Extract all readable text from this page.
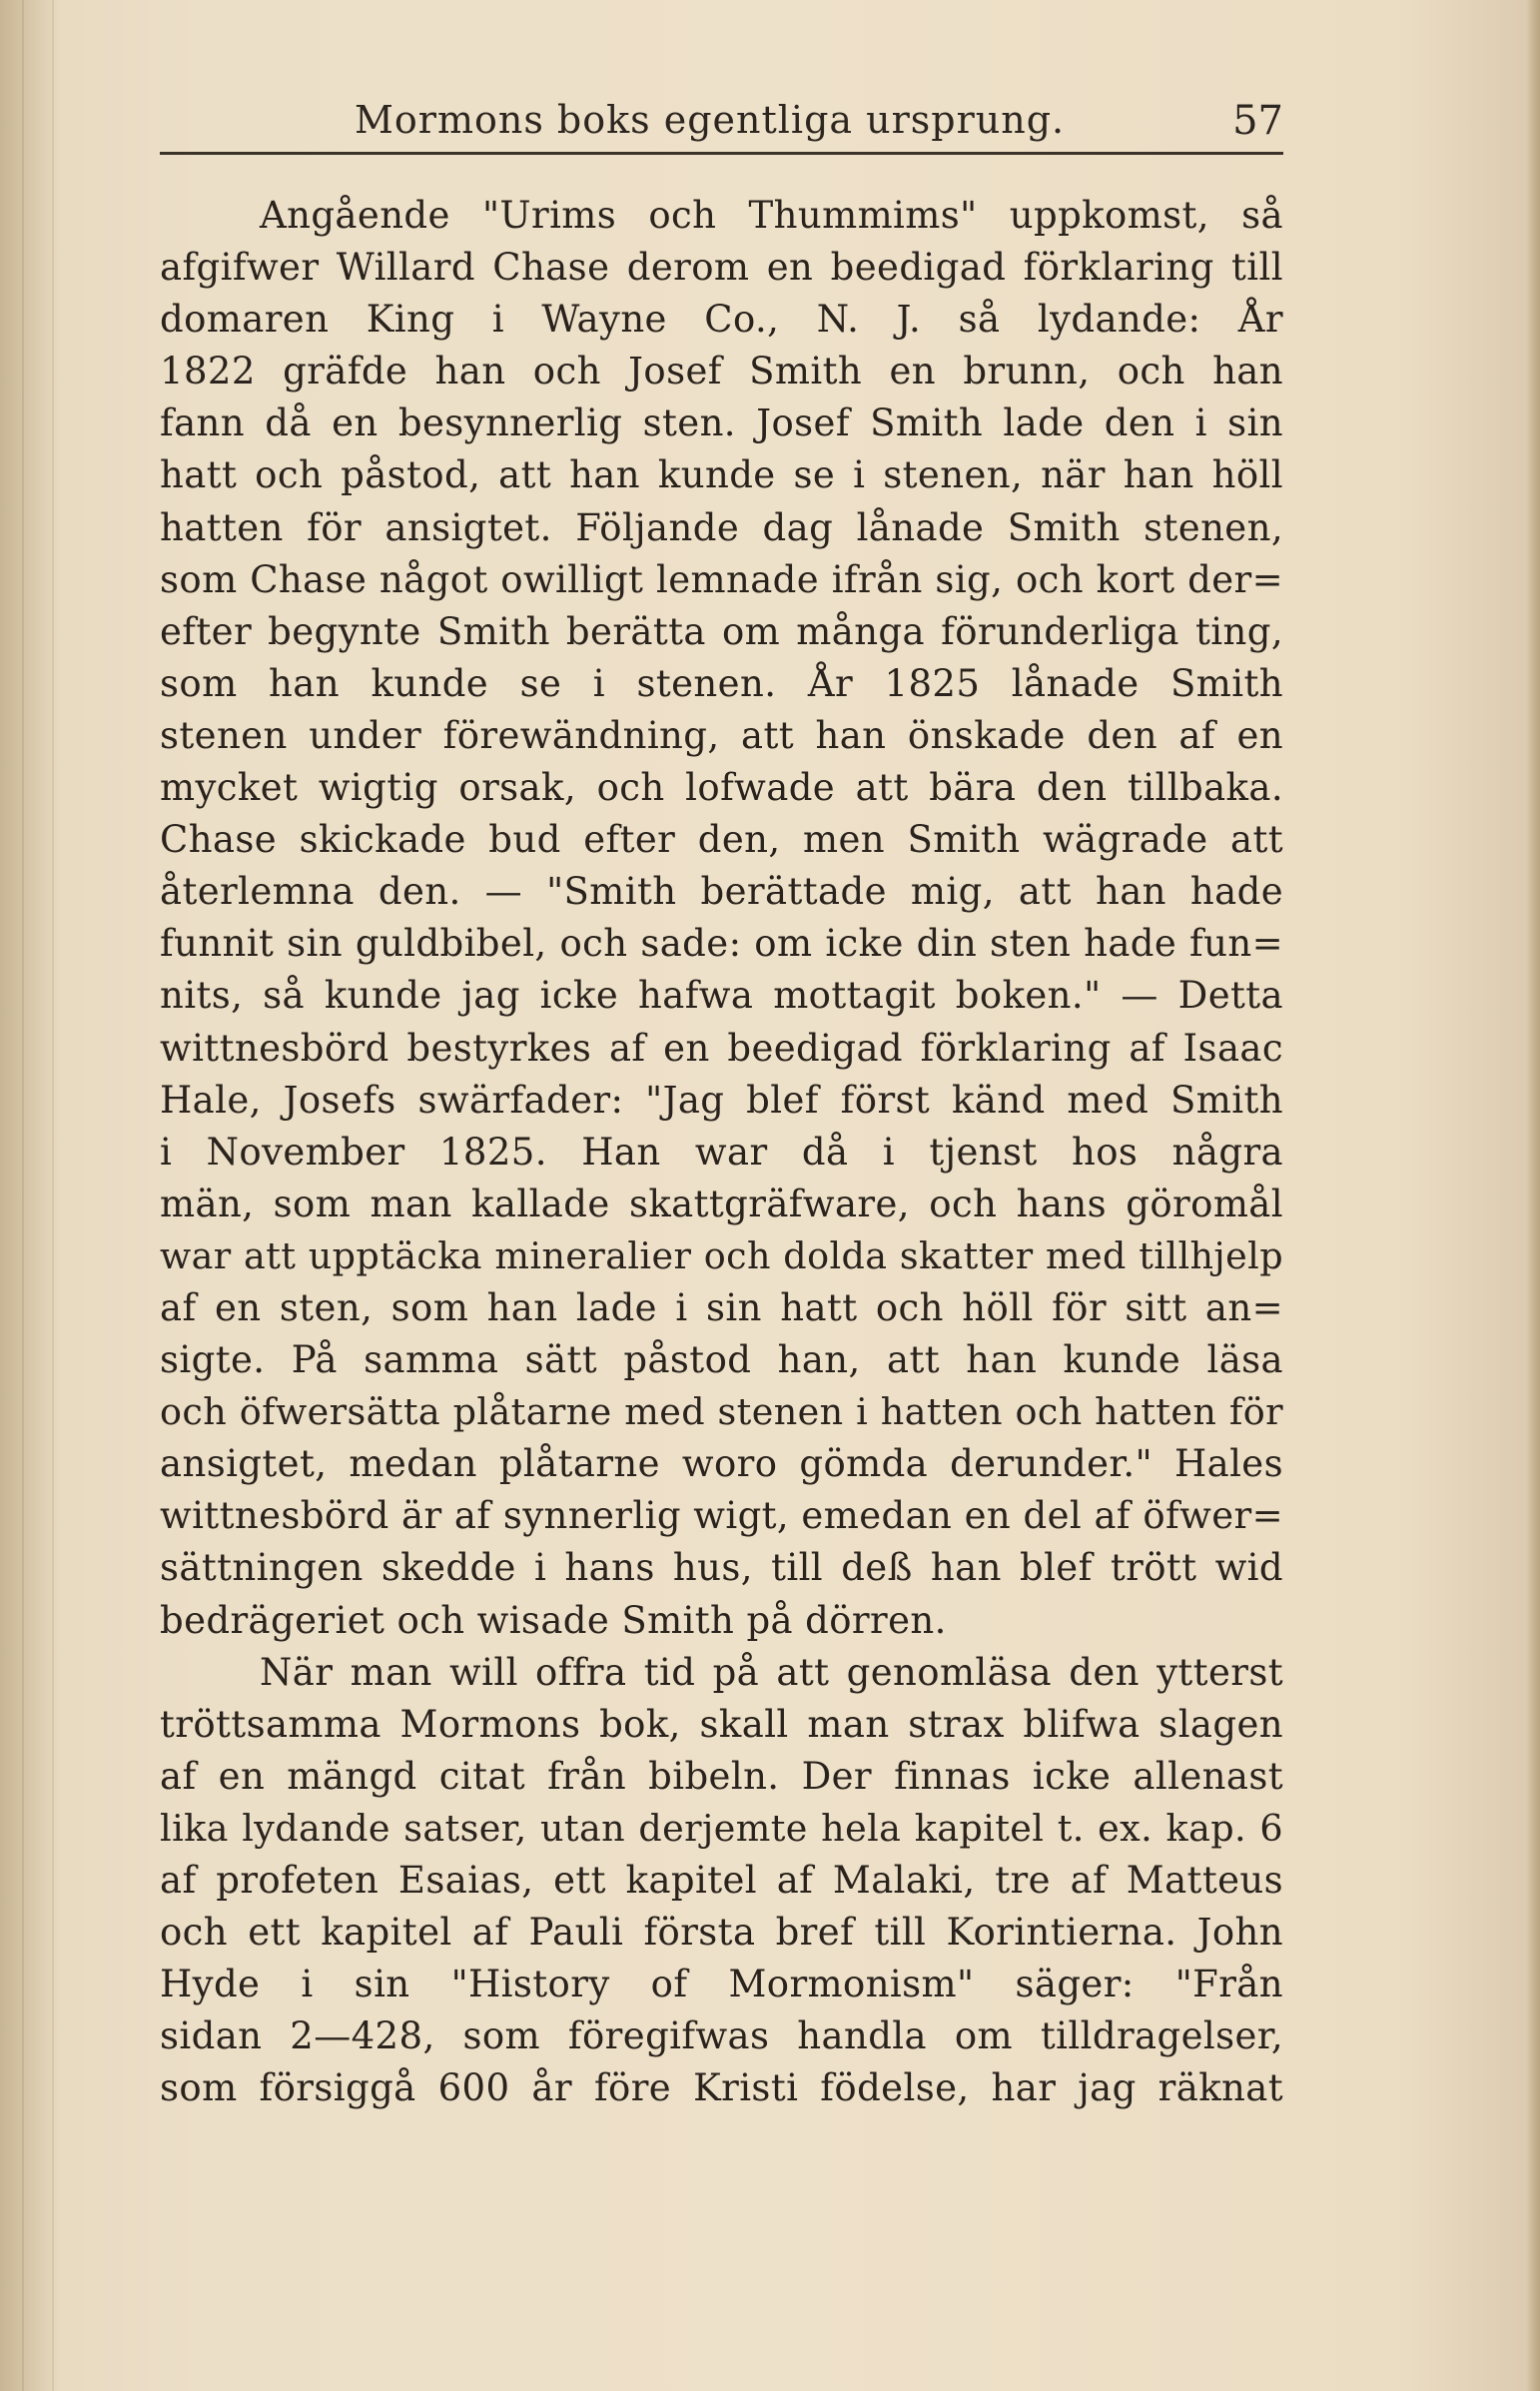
Mormons boks egentliga ursprung.	57
Angående "Urims och Thummims" uppkomst, så
afgifwer Willard Chase derom en beedigad förklaring till
domaren King i Wayne Co., N. J. så lydande: År
1822 gräfde han och Josef Smith en brunn, och han
fann då en besynnerlig sten. Josef Smith lade den i sin
hatt och påstod, att han kunde se i stenen, när han höll
hatten för ansigtet. Följande dag lånade Smith stenen,
som Chase något owilligt lemnade ifrån sig, och kort der=
efter begynte Smith berätta om många förunderliga ting,
som han kunde se i stenen. År 1825 lånade Smith
stenen under förewändning, att han önskade den af en
mycket wigtig orsak, och lofwade att bära den tillbaka.
Chase skickade bud efter den, men Smith wägrade att
återlemna den. — "Smith berättade mig, att han hade
funnit sin guldbibel, och sade: om icke din sten hade fun=
nits, så kunde jag icke hafwa mottagit boken." — Detta
wittnesbörd bestyrkes af en beedigad förklaring af Isaac
Hale, Josefs swärfader: "Jag blef först känd med Smith
i November 1825. Han war då i tjenst hos några
män, som man kallade skattgräfware, och hans göromål
war att upptäcka mineralier och dolda skatter med tillhjelp
af en sten, som han lade i sin hatt och höll för sitt an=
sigte. På samma sätt påstod han, att han kunde läsa
och öfwersätta plåtarne med stenen i hatten och hatten för
ansigtet, medan plåtarne woro gömda derunder." Hales
wittnesbörd är af synnerlig wigt, emedan en del af öfwer=
sättningen skedde i hans hus, till deß han blef trött wid
bedrägeriet och wisade Smith på dörren.
När man will offra tid på att genomläsa den ytterst
tröttsamma Mormons bok, skall man strax blifwa slagen
af en mängd citat från bibeln. Der finnas icke allenast
lika lydande satser, utan derjemte hela kapitel t. ex. kap. 6
af profeten Esaias, ett kapitel af Malaki, tre af Matteus
och ett kapitel af Pauli första bref till Korintierna. John
Hyde i sin "History of Mormonism" säger: "Från
sidan 2—428, som föregifwas handla om tilldragelser,
som försiggå 600 år före Kristi födelse, har jag räknat
